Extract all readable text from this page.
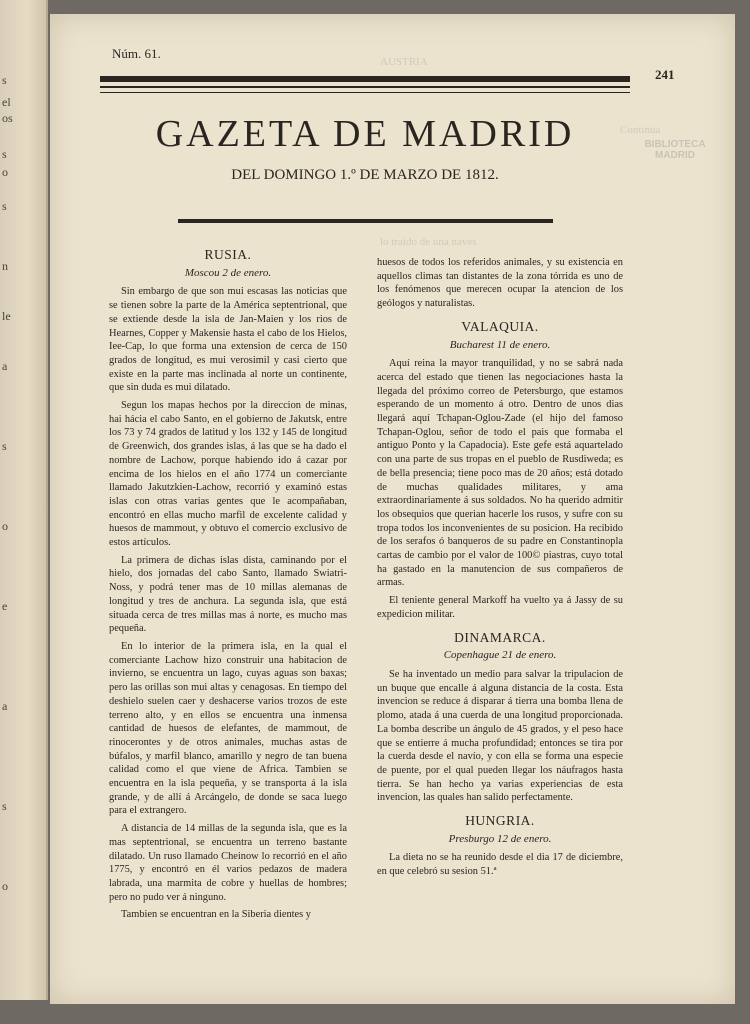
s
el
os
s
o
s
n
le
a
s
o
e
a
s
o
AUSTRIA
Continúa
lo traido de una naves
BIBLIOTECA
MADRID
Núm. 61.
241
GAZETA DE MADRID
DEL DOMINGO 1.º DE MARZO DE 1812.
RUSIA.
Moscou 2 de enero.

Sin embargo de que son mui escasas las noticias que se tienen sobre la parte de la América septentrional, que se extiende desde la isla de Jan-Maien y los rios de Hearnes, Copper y Makensie hasta el cabo de los Hielos, Iee-Cap, lo que forma una extension de cerca de 150 grados de longitud, es mui verosimil y casi cierto que existe en la parte mas inclinada al norte un continente, que sin duda es mui dilatado.

Segun los mapas hechos por la direccion de minas, hai hácia el cabo Santo, en el gobierno de Jakutsk, entre los 73 y 74 grados de latitud y los 132 y 145 de longitud de Greenwich, dos grandes islas, á las que se ha dado el nombre de Lachow, porque habiendo ido á cazar por encima de los hielos en el año 1774 un comerciante llamado Jakutzkien-Lachow, recorrió y examinó estas islas con otras varias gentes que le acompañaban, encontró en ellas mucho marfil de excelente calidad y huesos de mammout, y obtuvo el comercio exclusivo de estos artículos.

La primera de dichas islas dista, caminando por el hielo, dos jornadas del cabo Santo, llamado Swiatri-Noss, y podrá tener mas de 10 millas alemanas de longitud y tres de anchura. La segunda isla, que está situada cerca de tres millas mas á norte, es mucho mas pequeña.

En lo interior de la primera isla, en la qual el comerciante Lachow hizo construir una habitacion de invierno, se encuentra un lago, cuyas aguas son baxas; pero las orillas son mui altas y cenagosas. En tiempo del deshielo suelen caer y deshacerse varios trozos de este terreno alto, y en ellos se encuentra una inmensa cantidad de huesos de elefantes, de mammout, de rinocerontes y de otros animales, muchas astas de búfalos, y marfil blanco, amarillo y negro de tan buena calidad como el que viene de Africa. Tambien se encuentra en la isla pequeña, y se transporta á la isla grande, y de allí á Arcángelo, de donde se saca luego para el extrangero.

A distancia de 14 millas de la segunda isla, que es la mas septentrional, se encuentra un terreno bastante dilatado. Un ruso llamado Cheinow lo recorrió en el año 1775, y encontró en él varios pedazos de madera labrada, una marmita de cobre y huellas de hombres; pero no pudo ver á ninguno.

Tambien se encuentran en la Siberia dientes y

huesos de todos los referidos animales, y su existencia en aquellos climas tan distantes de la zona tórrida es uno de los fenómenos que merecen ocupar la atencion de los geólogos y naturalistas.

VALAQUIA.
Bucharest 11 de enero.

Aquí reina la mayor tranquilidad, y no se sabrá nada acerca del estado que tienen las negociaciones hasta la llegada del próximo correo de Petersburgo, que estamos esperando de un momento á otro. Dentro de unos dias llegará aquí Tchapan-Oglou-Zade (el hijo del famoso Tchapan-Oglou, señor de todo el pais que formaba el antiguo Ponto y la Capadocia). Este gefe está aquartelado con una parte de sus tropas en el pueblo de Rusdiweda; es de bella presencia; tiene poco mas de 20 años; está dotado de muchas qualidades militares, y ama extraordinariamente á sus soldados. No ha querido admitir los obsequios que querian hacerle los rusos, y sufre con su tropa todos los inconvenientes de su posicion. Ha recibido de los serafos ó banqueros de su padre en Constantinopla cartas de cambio por el valor de 100© piastras, cuyo total ha gastado en la manutencion de sus compañeros de armas.

El teniente general Markoff ha vuelto ya á Jassy de su expedicion militar.

DINAMARCA.
Copenhague 21 de enero.

Se ha inventado un medio para salvar la tripulacion de un buque que encalle á alguna distancia de la costa. Esta invencion se reduce á disparar á tierra una bomba llena de plomo, atada á una cuerda de una longitud proporcionada. La bomba describe un ángulo de 45 grados, y el peso hace que se entierre á mucha profundidad; entonces se tira por la cuerda desde el navío, y con ella se forma una especie de puente, por el qual pueden llegar los náufragos hasta tierra. Se han hecho ya varias experiencias de esta invencion, las quales han salido perfectamente.

HUNGRIA.
Presburgo 12 de enero.

La dieta no se ha reunido desde el dia 17 de diciembre, en que celebró su sesion 51.ª
